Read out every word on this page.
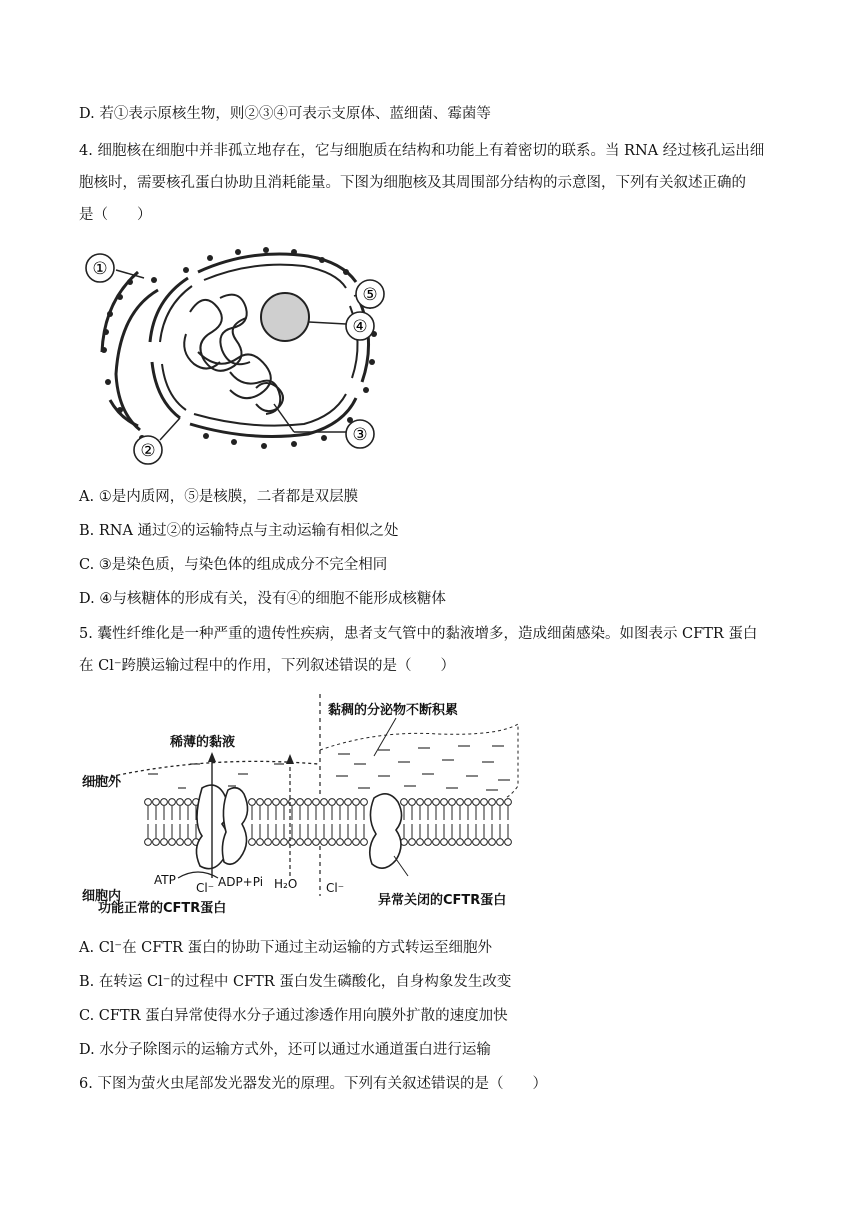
D. 若①表示原核生物，则②③④可表示支原体、蓝细菌、霉菌等
4. 细胞核在细胞中并非孤立地存在，它与细胞质在结构和功能上有着密切的联系。当 RNA 经过核孔运出细
胞核时，需要核孔蛋白协助且消耗能量。下图为细胞核及其周围部分结构的示意图，下列有关叙述正确的
是（　　）
①
②
③
④
⑤
A. ①是内质网，⑤是核膜，二者都是双层膜
B. RNA 通过②的运输特点与主动运输有相似之处
C. ③是染色质，与染色体的组成成分不完全相同
D. ④与核糖体的形成有关，没有④的细胞不能形成核糖体
5. 囊性纤维化是一种严重的遗传性疾病，患者支气管中的黏液增多，造成细菌感染。如图表示 CFTR 蛋白
在 Cl⁻跨膜运输过程中的作用，下列叙述错误的是（　　）
黏稠的分泌物不断积累
稀薄的黏液
细胞外
细胞内
功能正常的CFTR蛋白
异常关闭的CFTR蛋白
ATP
Cl⁻ ADP+Pi H₂O Cl⁻
A. Cl⁻在 CFTR 蛋白的协助下通过主动运输的方式转运至细胞外
B. 在转运 Cl⁻的过程中 CFTR 蛋白发生磷酸化，自身构象发生改变
C. CFTR 蛋白异常使得水分子通过渗透作用向膜外扩散的速度加快
D. 水分子除图示的运输方式外，还可以通过水通道蛋白进行运输
6. 下图为萤火虫尾部发光器发光的原理。下列有关叙述错误的是（　　）
